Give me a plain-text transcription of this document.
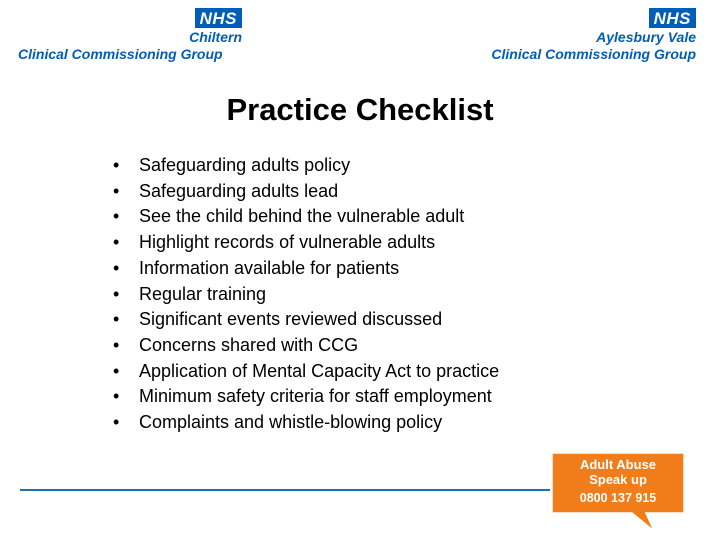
NHS
Chiltern
Clinical Commissioning Group
NHS
Aylesbury Vale
Clinical Commissioning Group
Practice Checklist
• Safeguarding adults policy
• Safeguarding adults lead
• See the child behind the vulnerable adult
• Highlight records of vulnerable adults
• Information available for patients
• Regular training
• Significant events reviewed discussed
• Concerns shared with CCG
• Application of Mental Capacity Act to practice
• Minimum safety criteria for staff employment
• Complaints and whistle-blowing policy
Adult Abuse
Speak up
0800 137 915
